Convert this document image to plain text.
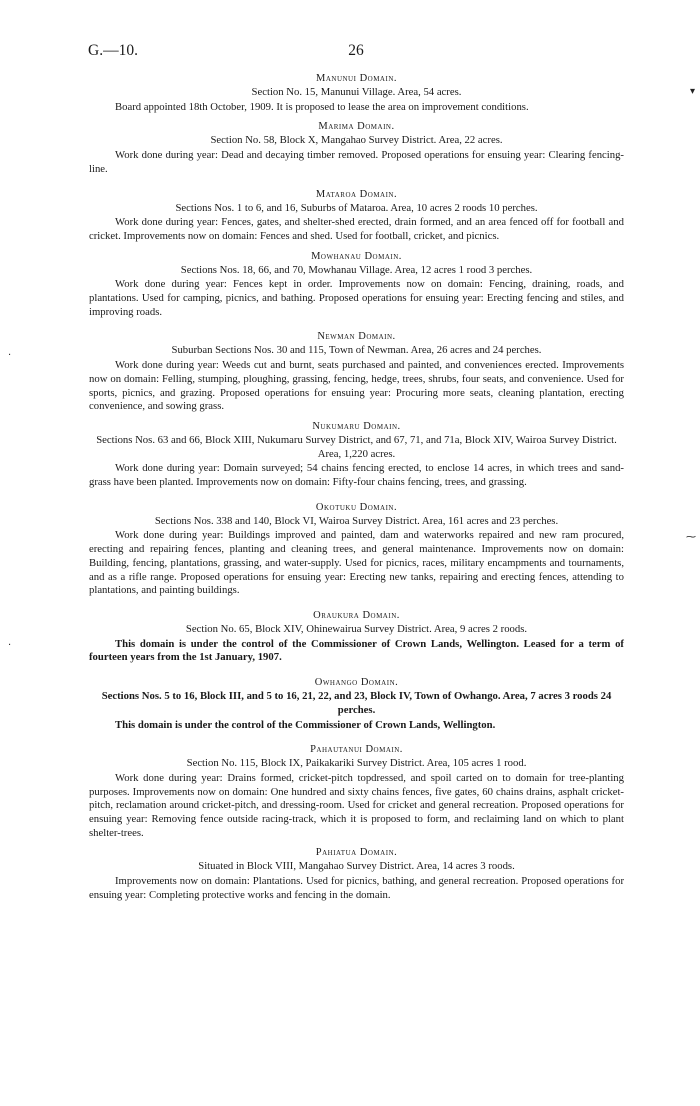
G.—10.	26

Manunui Domain.

Section No. 15, Manunui Village. Area, 54 acres.

Board appointed 18th October, 1909. It is proposed to lease the area on improvement conditions.

Marima Domain.

Section No. 58, Block X, Mangahao Survey District. Area, 22 acres.

Work done during year: Dead and decaying timber removed. Proposed operations for ensuing year: Clearing fencing-line.

Mataroa Domain.

Sections Nos. 1 to 6, and 16, Suburbs of Mataroa. Area, 10 acres 2 roods 10 perches.

Work done during year: Fences, gates, and shelter-shed erected, drain formed, and an area fenced off for football and cricket. Improvements now on domain: Fences and shed. Used for football, cricket, and picnics.

Mowhanau Domain.

Sections Nos. 18, 66, and 70, Mowhanau Village. Area, 12 acres 1 rood 3 perches.

Work done during year: Fences kept in order. Improvements now on domain: Fencing, draining, roads, and plantations. Used for camping, picnics, and bathing. Proposed operations for ensuing year: Erecting fencing and stiles, and improving roads.

Newman Domain.

Suburban Sections Nos. 30 and 115, Town of Newman. Area, 26 acres and 24 perches.

Work done during year: Weeds cut and burnt, seats purchased and painted, and conveniences erected. Improvements now on domain: Felling, stumping, ploughing, grassing, fencing, hedge, trees, shrubs, four seats, and convenience. Used for sports, picnics, and grazing. Proposed operations for ensuing year: Procuring more seats, cleaning plantation, erecting convenience, and sowing grass.

Nukumaru Domain.

Sections Nos. 63 and 66, Block XIII, Nukumaru Survey District, and 67, 71, and 71a, Block XIV, Wairoa Survey District. Area, 1,220 acres.

Work done during year: Domain surveyed; 54 chains fencing erected, to enclose 14 acres, in which trees and sand-grass have been planted. Improvements now on domain: Fifty-four chains fencing, trees, and grassing.

Okotuku Domain.

Sections Nos. 338 and 140, Block VI, Wairoa Survey District. Area, 161 acres and 23 perches.

Work done during year: Buildings improved and painted, dam and waterworks repaired and new ram procured, erecting and repairing fences, planting and cleaning trees, and general maintenance. Improvements now on domain: Building, fencing, plantations, grassing, and water-supply. Used for picnics, races, military encampments and tournaments, and as a rifle range. Proposed operations for ensuing year: Erecting new tanks, repairing and erecting fences, attending to plantations, and painting buildings.

Oraukura Domain.

Section No. 65, Block XIV, Ohinewairua Survey District. Area, 9 acres 2 roods.

This domain is under the control of the Commissioner of Crown Lands, Wellington. Leased for a term of fourteen years from the 1st January, 1907.

Owhango Domain.

Sections Nos. 5 to 16, Block III, and 5 to 16, 21, 22, and 23, Block IV, Town of Owhango. Area, 7 acres 3 roods 24 perches.

This domain is under the control of the Commissioner of Crown Lands, Wellington.

Pahautanui Domain.

Section No. 115, Block IX, Paikakariki Survey District. Area, 105 acres 1 rood.

Work done during year: Drains formed, cricket-pitch topdressed, and spoil carted on to domain for tree-planting purposes. Improvements now on domain: One hundred and sixty chains fences, five gates, 60 chains drains, asphalt cricket-pitch, reclamation around cricket-pitch, and dressing-room. Used for cricket and general recreation. Proposed operations for ensuing year: Removing fence outside racing-track, which it is proposed to form, and reclaiming land on which to plant shelter-trees.

Pahiatua Domain.

Situated in Block VIII, Mangahao Survey District. Area, 14 acres 3 roods.

Improvements now on domain: Plantations. Used for picnics, bathing, and general recreation. Proposed operations for ensuing year: Completing protective works and fencing in the domain.

▾
·
⁓
·
